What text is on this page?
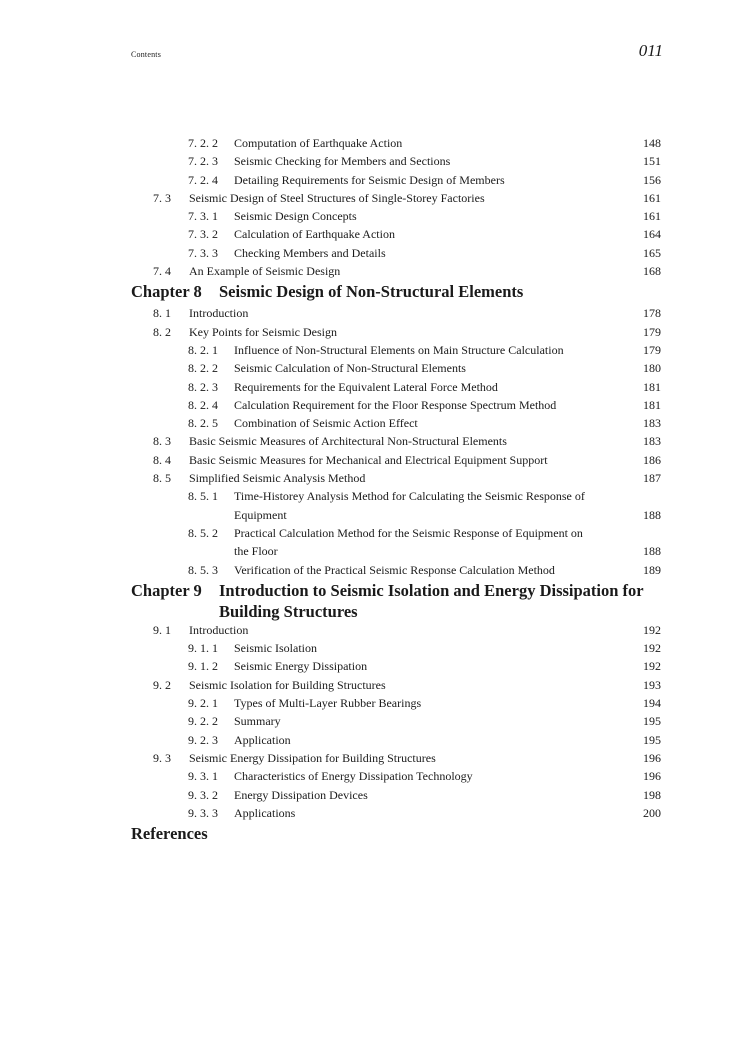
Contents	011
7. 2. 2 Computation of Earthquake Action	148
7. 2. 3 Seismic Checking for Members and Sections	151
7. 2. 4 Detailing Requirements for Seismic Design of Members	156
7. 3 Seismic Design of Steel Structures of Single-Storey Factories	161
7. 3. 1 Seismic Design Concepts	161
7. 3. 2 Calculation of Earthquake Action	164
7. 3. 3 Checking Members and Details	165
7. 4 An Example of Seismic Design	168
Chapter 8 Seismic Design of Non-Structural Elements
8. 1 Introduction	178
8. 2 Key Points for Seismic Design	179
8. 2. 1 Influence of Non-Structural Elements on Main Structure Calculation	179
8. 2. 2 Seismic Calculation of Non-Structural Elements	180
8. 2. 3 Requirements for the Equivalent Lateral Force Method	181
8. 2. 4 Calculation Requirement for the Floor Response Spectrum Method	181
8. 2. 5 Combination of Seismic Action Effect	183
8. 3 Basic Seismic Measures of Architectural Non-Structural Elements	183
8. 4 Basic Seismic Measures for Mechanical and Electrical Equipment Support	186
8. 5 Simplified Seismic Analysis Method	187
8. 5. 1 Time-Historey Analysis Method for Calculating the Seismic Response of
Equipment	188
8. 5. 2 Practical Calculation Method for the Seismic Response of Equipment on
the Floor	188
8. 5. 3 Verification of the Practical Seismic Response Calculation Method	189
Chapter 9 Introduction to Seismic Isolation and Energy Dissipation for Building Structures
9. 1 Introduction	192
9. 1. 1 Seismic Isolation	192
9. 1. 2 Seismic Energy Dissipation	192
9. 2 Seismic Isolation for Building Structures	193
9. 2. 1 Types of Multi-Layer Rubber Bearings	194
9. 2. 2 Summary	195
9. 2. 3 Application	195
9. 3 Seismic Energy Dissipation for Building Structures	196
9. 3. 1 Characteristics of Energy Dissipation Technology	196
9. 3. 2 Energy Dissipation Devices	198
9. 3. 3 Applications	200
References
